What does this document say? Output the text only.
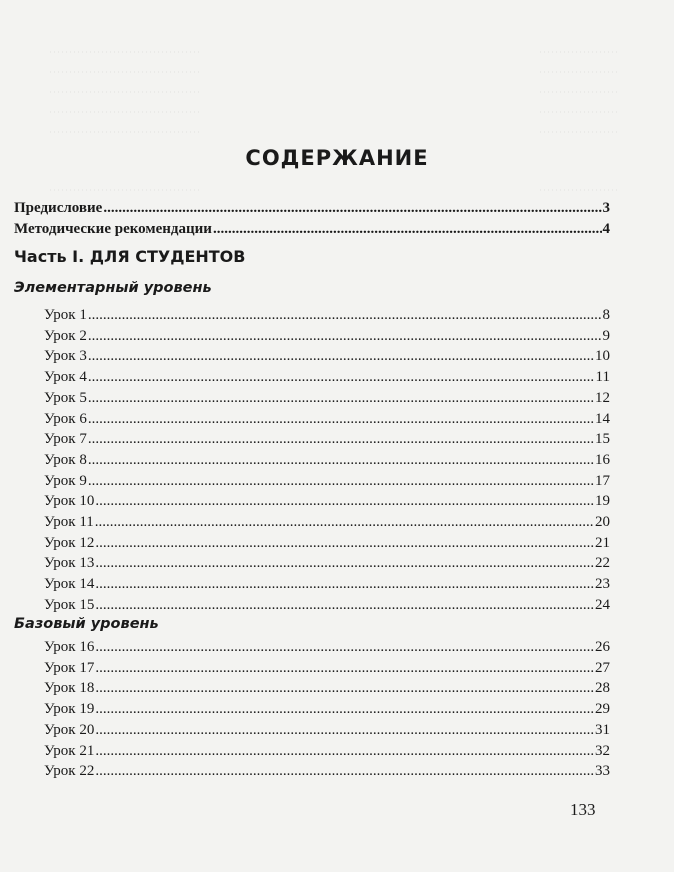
СОДЕРЖАНИЕ
Предисловие .....	3
Методические рекомендации .....	4
Часть I. ДЛЯ СТУДЕНТОВ
Элементарный уровень
Урок 1 .....	8
Урок 2 .....	9
Урок 3 .....	10
Урок 4 .....	11
Урок 5 .....	12
Урок 6 .....	14
Урок 7 .....	15
Урок 8 .....	16
Урок 9 .....	17
Урок 10 .....	19
Урок 11 .....	20
Урок 12 .....	21
Урок 13 .....	22
Урок 14 .....	23
Урок 15 .....	24
Базовый уровень
Урок 16 .....	26
Урок 17 .....	27
Урок 18 .....	28
Урок 19 .....	29
Урок 20 .....	31
Урок 21 .....	32
Урок 22 .....	33
133
